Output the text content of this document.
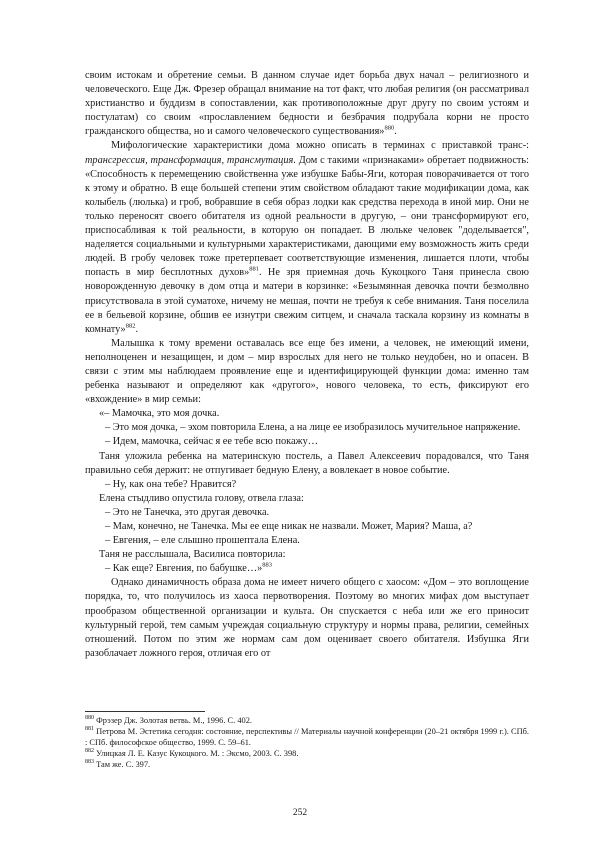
своим истокам и обретение семьи. В данном случае идет борьба двух начал – религиозного и человеческого. Еще Дж. Фрезер обращал внимание на тот факт, что любая религия (он рассматривал христианство и буддизм в сопоставлении, как противоположные друг другу по своим устоям и постулатам) со своим «прославлением бедности и безбрачия подрубала корни не просто гражданского общества, но и самого человеческого существования»$^{880}$.

Мифологические характеристики дома можно описать в терминах с приставкой транс-: трансгрессия, трансформация, трансмутация. Дом с такими «признаками» обретает подвижность: «Способность к перемещению свойственна уже избушке Бабы-Яги, которая поворачивается от того к этому и обратно. В еще большей степени этим свойством обладают такие модификации дома, как колыбель (люлька) и гроб, вобравшие в себя образ лодки как средства перехода в иной мир. Они не только переносят своего обитателя из одной реальности в другую, – они трансформируют его, приспосабливая к той реальности, в которую он попадает. В люльке человек "доделывается", наделяется социальными и культурными характеристиками, дающими ему возможность жить среди людей. В гробу человек тоже претерпевает соответствующие изменения, лишается плоти, чтобы попасть в мир бесплотных духов»$^{881}$. Не зря приемная дочь Кукоцкого Таня принесла свою новорожденную девочку в дом отца и матери в корзинке: «Безымянная девочка почти безмолвно присутствовала в этой суматохе, ничему не мешая, почти не требуя к себе внимания. Таня поселила ее в бельевой корзине, обшив ее изнутри свежим ситцем, и сначала таскала корзину из комнаты в комнату»$^{882}$.

Малышка к тому времени оставалась все еще без имени, а человек, не имеющий имени, неполноценен и незащищен, и дом – мир взрослых для него не только неудобен, но и опасен. В связи с этим мы наблюдаем проявление еще и идентифицирующей функции дома: именно там ребенка называют и определяют как «другого», нового человека, то есть, фиксируют его «вхождение» в мир семьи:

«– Мамочка, это моя дочка.

– Это моя дочка, – эхом повторила Елена, а на лице ее изобразилось мучительное напряжение.

– Идем, мамочка, сейчас я ее тебе всю покажу…

Таня уложила ребенка на материнскую постель, а Павел Алексеевич порадовался, что Таня правильно себя держит: не отпугивает бедную Елену, а вовлекает в новое событие.

– Ну, как она тебе? Нравится?

Елена стыдливо опустила голову, отвела глаза:

– Это не Танечка, это другая девочка.

– Мам, конечно, не Танечка. Мы ее еще никак не назвали. Может, Мария? Маша, а?

– Евгения, – еле слышно прошептала Елена.

Таня не расслышала, Василиса повторила:

– Как еще? Евгения, по бабушке…»$^{883}$

Однако динамичность образа дома не имеет ничего общего с хаосом: «Дом – это воплощение порядка, то, что получилось из хаоса первотворения. Поэтому во многих мифах дом выступает прообразом общественной организации и культа. Он спускается с неба или же его приносит культурный герой, тем самым учреждая социальную структуру и нормы права, религии, семейных отношений. Потом по этим же нормам сам дом оценивает своего обитателя. Избушка Яги разоблачает ложного героя, отличая его от

$^{880}$ Фрэзер Дж. Золотая ветвь. М., 1996. С. 402.

$^{881}$ Петрова М. Эстетика сегодня: состояние, перспективы // Материалы научной конференции (20–21 октября 1999 г.). СПб. : СПб. философское общество, 1999. С. 59–61.

$^{882}$ Улицкая Л. Е. Казус Кукоцкого. М. : Эксмо, 2003. С. 398.

$^{883}$ Там же. С. 397.

252
